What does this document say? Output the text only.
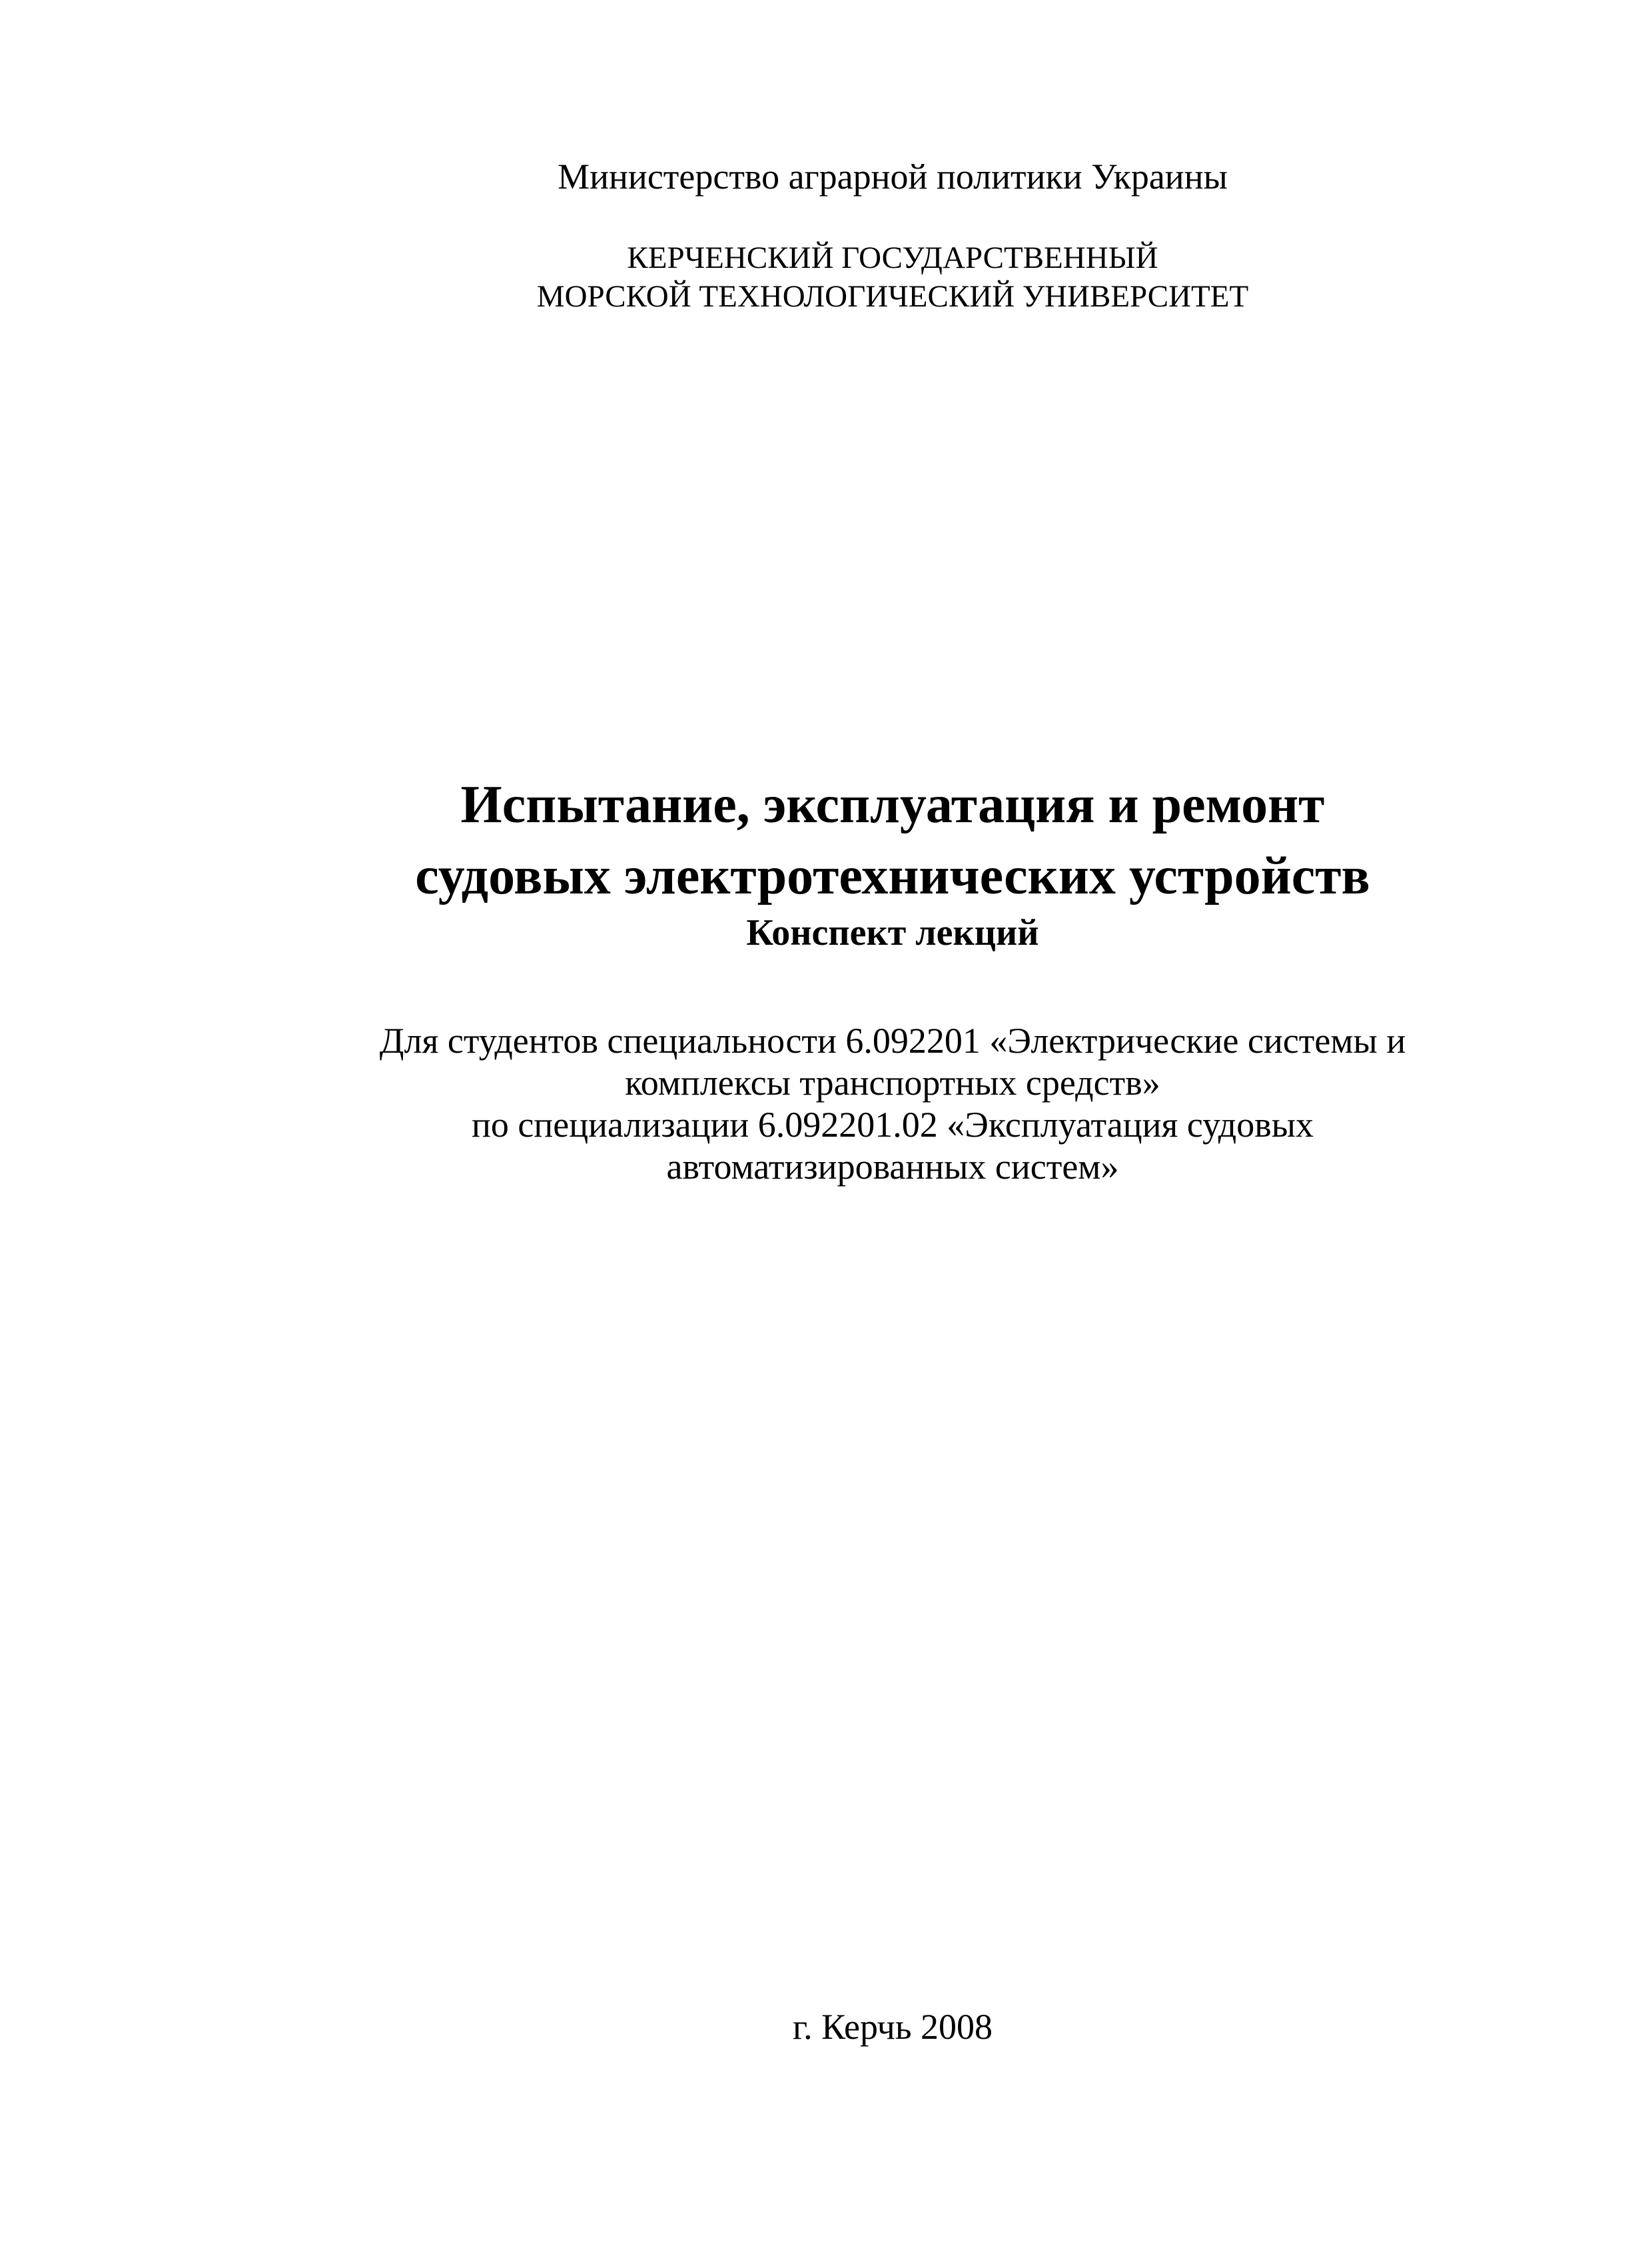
Министерство аграрной политики Украины
КЕРЧЕНСКИЙ ГОСУДАРСТВЕННЫЙ
МОРСКОЙ ТЕХНОЛОГИЧЕСКИЙ УНИВЕРСИТЕТ
Испытание, эксплуатация и ремонт
судовых электротехнических устройств
Конспект лекций
Для студентов специальности 6.092201 «Электрические системы и
комплексы транспортных средств»
по специализации 6.092201.02 «Эксплуатация судовых
автоматизированных систем»
г. Керчь 2008
